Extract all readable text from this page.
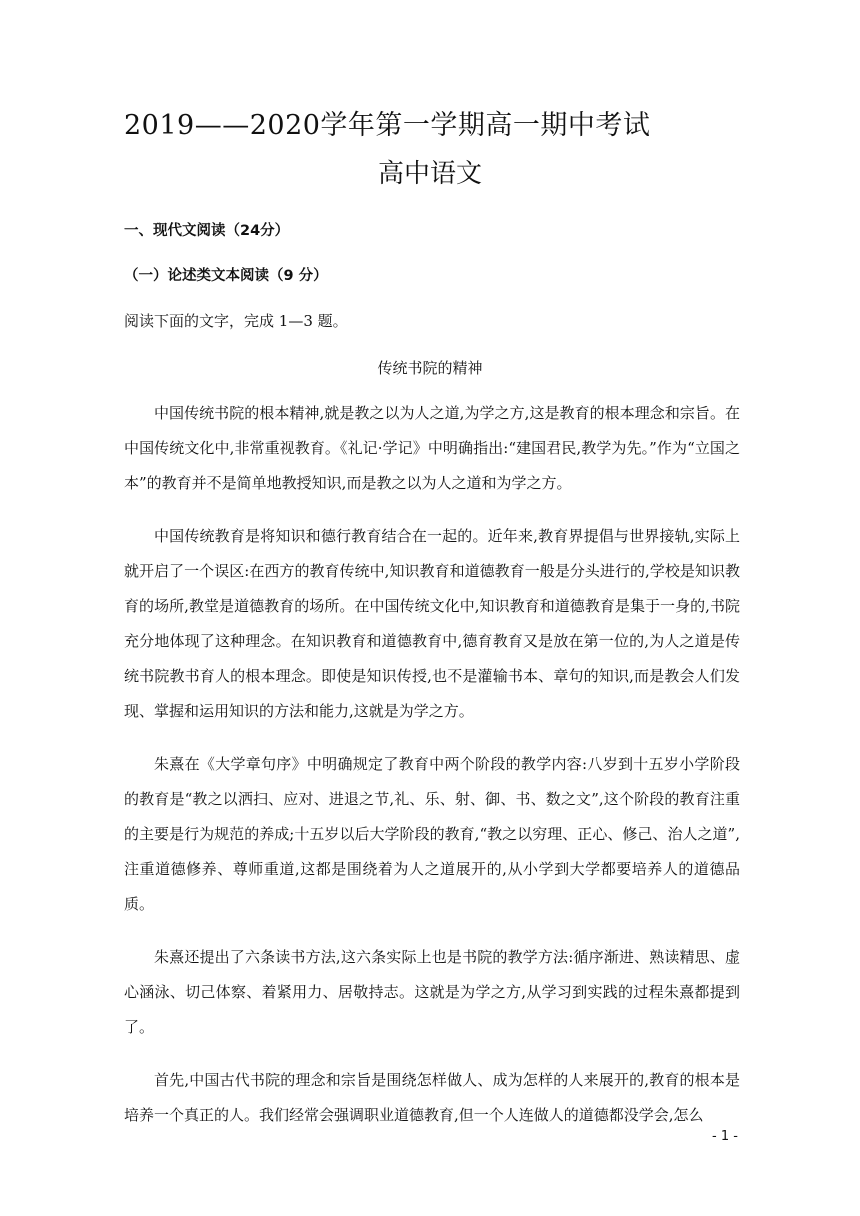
2019——2020学年第一学期高一期中考试
高中语文
一、现代文阅读（24分）
（一）论述类文本阅读（9 分）
阅读下面的文字，完成 1—3 题。
传统书院的精神

中国传统书院的根本精神,就是教之以为人之道,为学之方,这是教育的根本理念和宗旨。在中国传统文化中,非常重视教育。《礼记·学记》中明确指出:“建国君民,教学为先。”作为“立国之本”的教育并不是简单地教授知识,而是教之以为人之道和为学之方。

中国传统教育是将知识和德行教育结合在一起的。近年来,教育界提倡与世界接轨,实际上就开启了一个误区:在西方的教育传统中,知识教育和道德教育一般是分头进行的,学校是知识教育的场所,教堂是道德教育的场所。在中国传统文化中,知识教育和道德教育是集于一身的,书院充分地体现了这种理念。在知识教育和道德教育中,德育教育又是放在第一位的,为人之道是传统书院教书育人的根本理念。即使是知识传授,也不是灌输书本、章句的知识,而是教会人们发现、掌握和运用知识的方法和能力,这就是为学之方。

朱熹在《大学章句序》中明确规定了教育中两个阶段的教学内容:八岁到十五岁小学阶段的教育是“教之以洒扫、应对、进退之节,礼、乐、射、御、书、数之文”,这个阶段的教育注重的主要是行为规范的养成;十五岁以后大学阶段的教育,“教之以穷理、正心、修己、治人之道”,注重道德修养、尊师重道,这都是围绕着为人之道展开的,从小学到大学都要培养人的道德品质。

朱熹还提出了六条读书方法,这六条实际上也是书院的教学方法:循序渐进、熟读精思、虚心涵泳、切己体察、着紧用力、居敬持志。这就是为学之方,从学习到实践的过程朱熹都提到了。

首先,中国古代书院的理念和宗旨是围绕怎样做人、成为怎样的人来展开的,教育的根本是培养一个真正的人。我们经常会强调职业道德教育,但一个人连做人的道德都没学会,怎么

- 1 -
